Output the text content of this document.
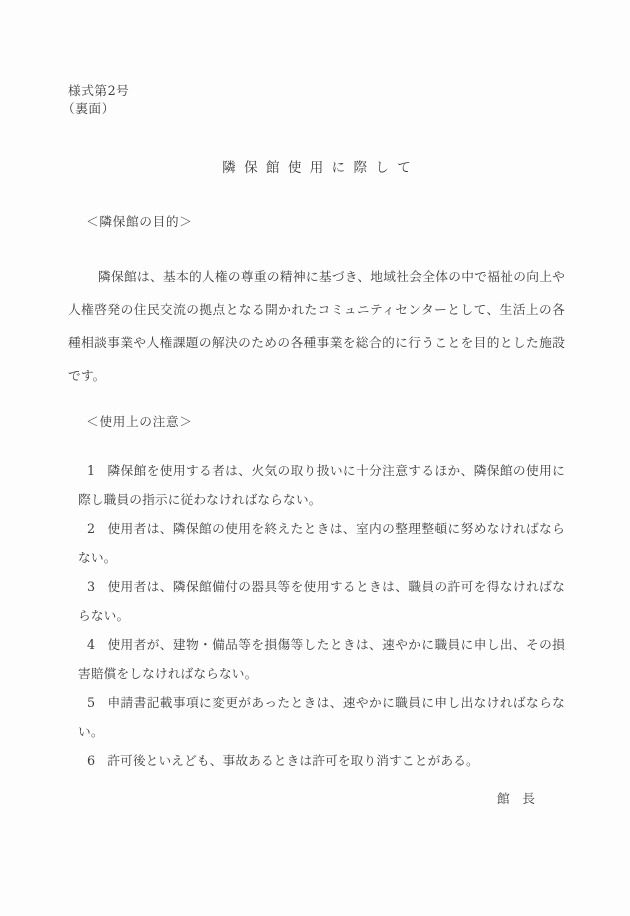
様式第2号
（裏面）
隣保館使用に際して
＜隣保館の目的＞
隣保館は、基本的人権の尊重の精神に基づき、地域社会全体の中で福祉の向上や人権啓発の住民交流の拠点となる開かれたコミュニティセンターとして、生活上の各種相談事業や人権課題の解決のための各種事業を総合的に行うことを目的とした施設です。
＜使用上の注意＞
1 隣保館を使用する者は、火気の取り扱いに十分注意するほか、隣保館の使用に際し職員の指示に従わなければならない。
2 使用者は、隣保館の使用を終えたときは、室内の整理整頓に努めなければならない。
3 使用者は、隣保館備付の器具等を使用するときは、職員の許可を得なければならない。
4 使用者が、建物・備品等を損傷等したときは、速やかに職員に申し出、その損害賠償をしなければならない。
5 申請書記載事項に変更があったときは、速やかに職員に申し出なければならない。
6 許可後といえども、事故あるときは許可を取り消すことがある。
館　長
